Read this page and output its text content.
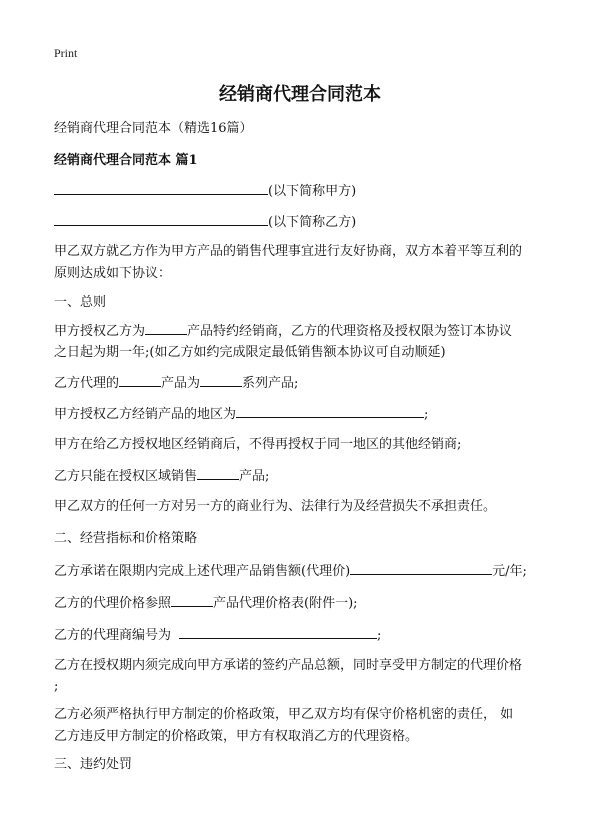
Print
经销商代理合同范本
经销商代理合同范本（精选16篇）
经销商代理合同范本 篇1
(以下简称甲方)
(以下简称乙方)
甲乙双方就乙方作为甲方产品的销售代理事宜进行友好协商，双方本着平等互利的
原则达成如下协议：
一、总则
甲方授权乙方为	产品特约经销商，乙方的代理资格及授权限为签订本协议
之日起为期一年;(如乙方如约完成限定最低销售额本协议可自动顺延)
乙方代理的	产品为	系列产品;
甲方授权乙方经销产品的地区为	;
甲方在给乙方授权地区经销商后，不得再授权于同一地区的其他经销商;
乙方只能在授权区域销售	产品;
甲乙双方的任何一方对另一方的商业行为、法律行为及经营损失不承担责任。
二、经营指标和价格策略
乙方承诺在限期内完成上述代理产品销售额(代理价)	元/年;
乙方的代理价格参照	产品代理价格表(附件一);
乙方的代理商编号为	;
乙方在授权期内须完成向甲方承诺的签约产品总额，同时享受甲方制定的代理价格
;
乙方必须严格执行甲方制定的价格政策，甲乙双方均有保守价格机密的责任， 如
乙方违反甲方制定的价格政策，甲方有权取消乙方的代理资格。
三、违约处罚
